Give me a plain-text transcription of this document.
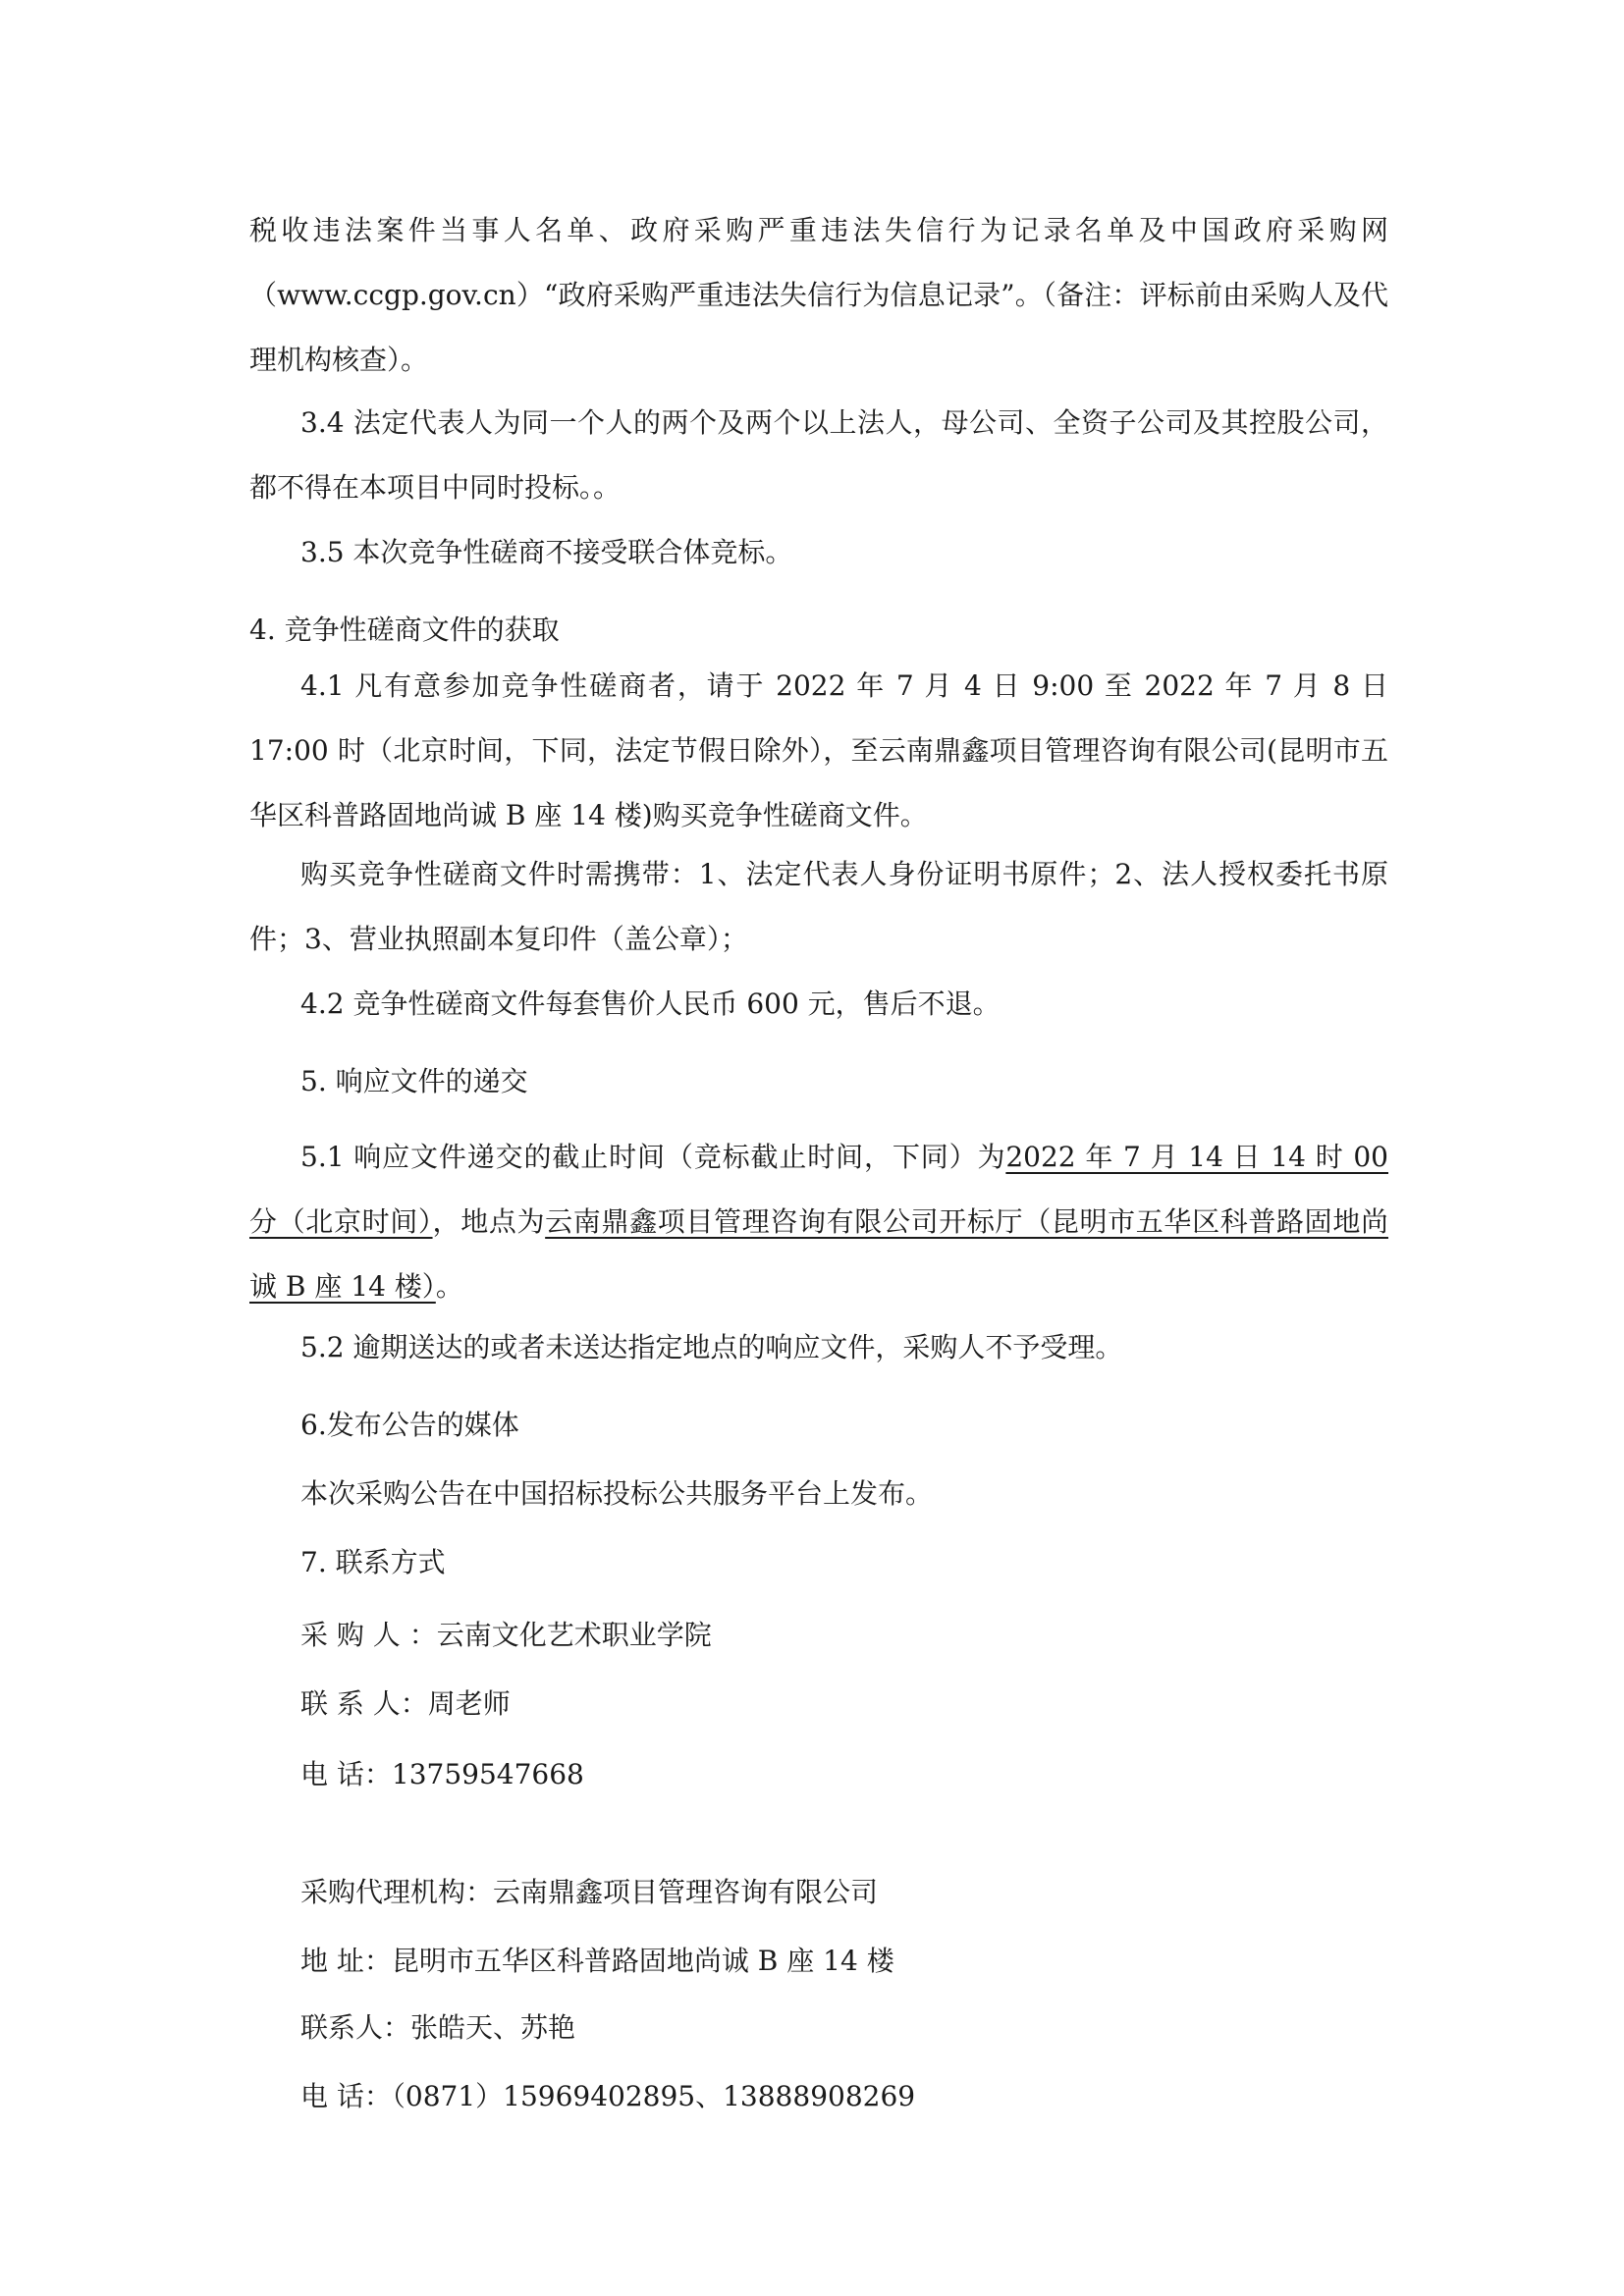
税收违法案件当事人名单、政府采购严重违法失信行为记录名单及中国政府采购网（www.ccgp.gov.cn）“政府采购严重违法失信行为信息记录”。（备注：评标前由采购人及代理机构核查）。

3.4 法定代表人为同一个人的两个及两个以上法人，母公司、全资子公司及其控股公司，都不得在本项目中同时投标。。

3.5 本次竞争性磋商不接受联合体竞标。

4. 竞争性磋商文件的获取

4.1 凡有意参加竞争性磋商者，请于 2022 年 7 月 4 日 9:00 至 2022 年 7 月 8 日 17:00 时（北京时间，下同，法定节假日除外），至云南鼎鑫项目管理咨询有限公司(昆明市五华区科普路固地尚诚 B 座 14 楼)购买竞争性磋商文件。

购买竞争性磋商文件时需携带：1、法定代表人身份证明书原件；2、法人授权委托书原件；3、营业执照副本复印件（盖公章）；

4.2 竞争性磋商文件每套售价人民币 600 元，售后不退。

5. 响应文件的递交

5.1 响应文件递交的截止时间（竞标截止时间，下同）为2022 年 7 月 14 日 14 时 00 分（北京时间），地点为云南鼎鑫项目管理咨询有限公司开标厅（昆明市五华区科普路固地尚诚 B 座 14 楼）。

5.2 逾期送达的或者未送达指定地点的响应文件，采购人不予受理。

6.发布公告的媒体

本次采购公告在中国招标投标公共服务平台上发布。

7. 联系方式

采 购 人 ：云南文化艺术职业学院

联 系 人：周老师

电 话：13759547668

采购代理机构：云南鼎鑫项目管理咨询有限公司

地 址：昆明市五华区科普路固地尚诚 B 座 14 楼

联系人：张皓天、苏艳

电 话：（0871）15969402895、13888908269
